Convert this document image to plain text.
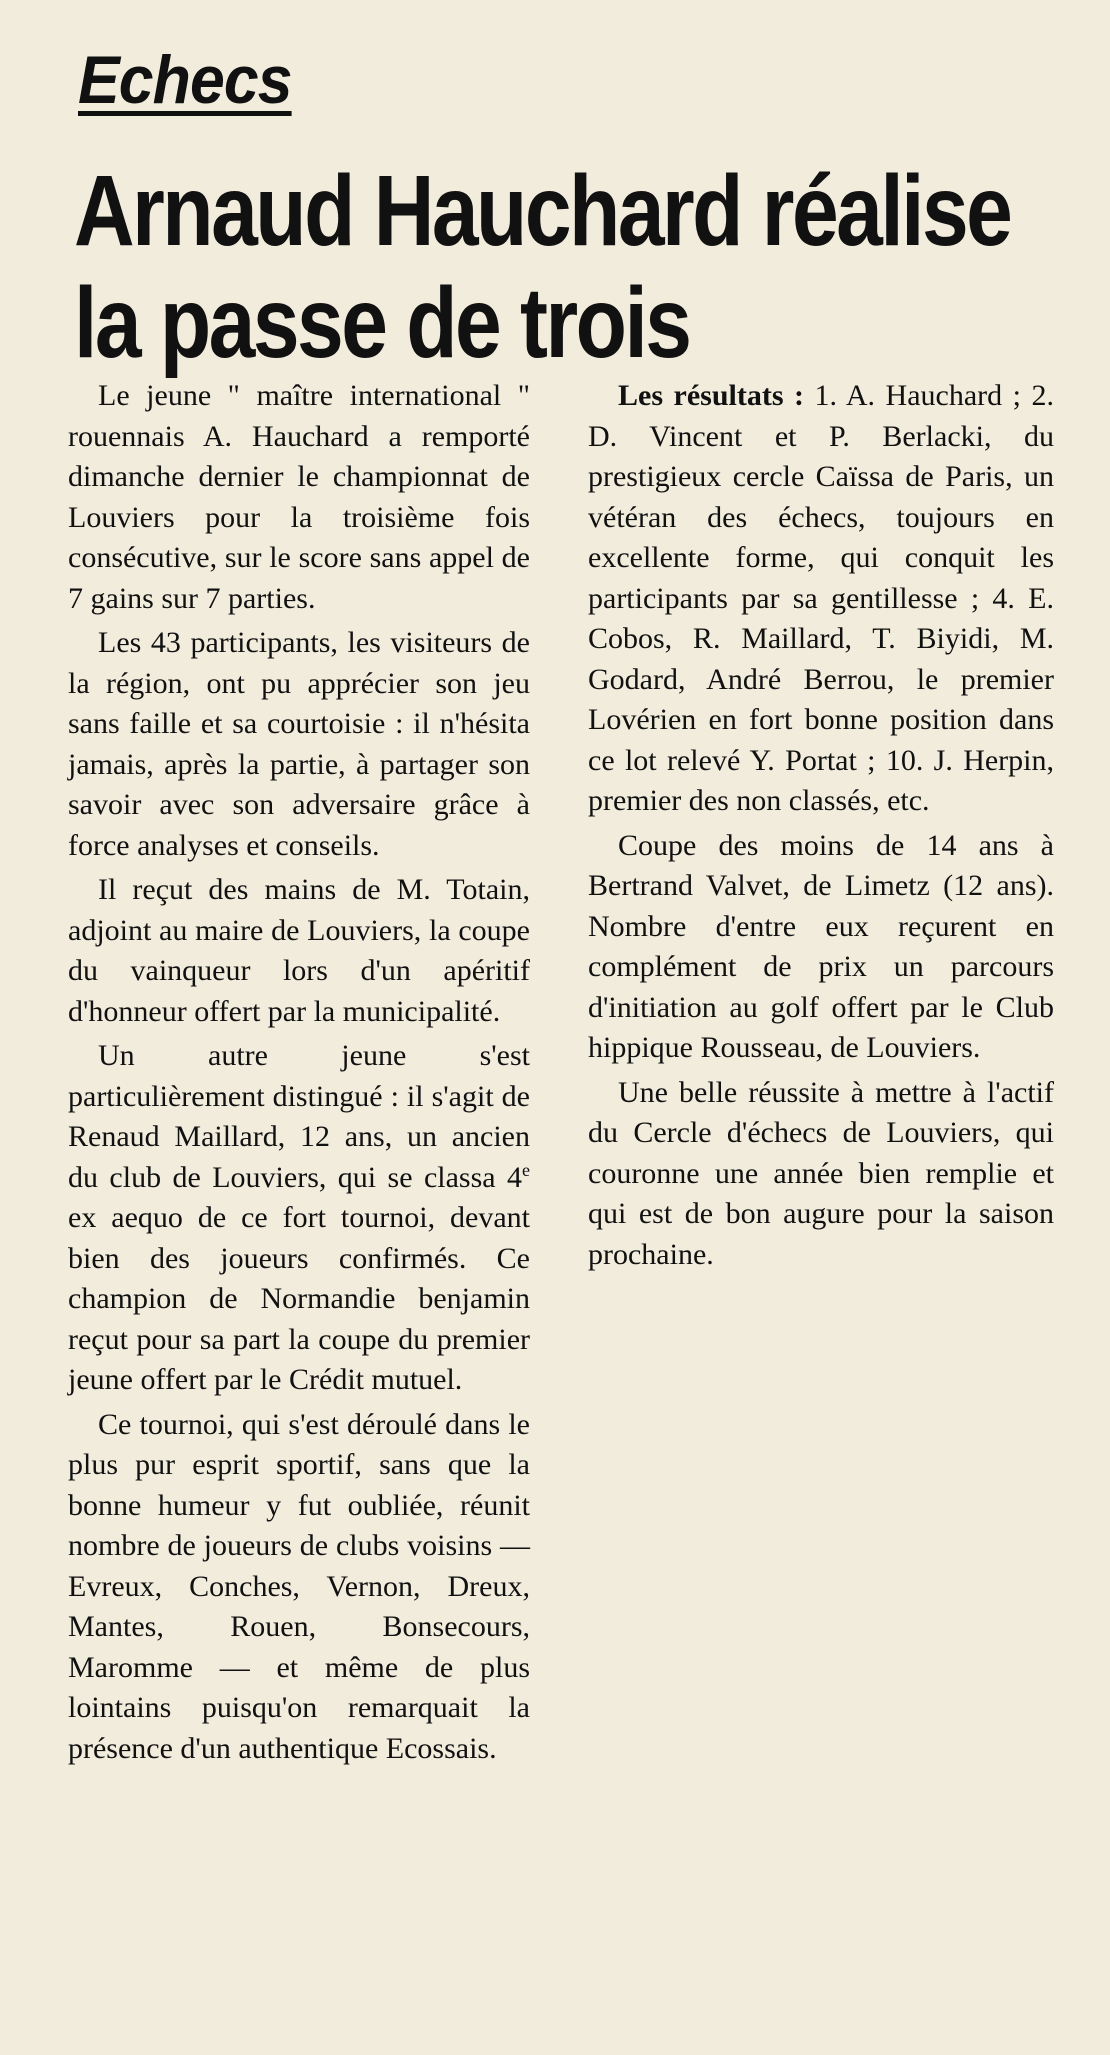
Echecs
Arnaud Hauchard réalise
la passe de trois

Le jeune " maître international " rouennais A. Hauchard a remporté dimanche dernier le championnat de Louviers pour la troisième fois consécutive, sur le score sans appel de 7 gains sur 7 parties.

Les 43 participants, les visiteurs de la région, ont pu apprécier son jeu sans faille et sa courtoisie : il n'hésita jamais, après la partie, à partager son savoir avec son adversaire grâce à force analyses et conseils.

Il reçut des mains de M. Totain, adjoint au maire de Louviers, la coupe du vainqueur lors d'un apéritif d'honneur offert par la municipalité.

Un autre jeune s'est particulièrement distingué : il s'agit de Renaud Maillard, 12 ans, un ancien du club de Louviers, qui se classa 4e ex aequo de ce fort tournoi, devant bien des joueurs confirmés. Ce champion de Normandie benjamin reçut pour sa part la coupe du premier jeune offert par le Crédit mutuel.

Ce tournoi, qui s'est déroulé dans le plus pur esprit sportif, sans que la bonne humeur y fut oubliée, réunit nombre de joueurs de clubs voisins — Evreux, Conches, Vernon, Dreux, Mantes, Rouen, Bonsecours, Maromme — et même de plus lointains puisqu'on remarquait la présence d'un authentique Ecossais.

Les résultats : 1. A. Hauchard ; 2. D. Vincent et P. Berlacki, du prestigieux cercle Caïssa de Paris, un vétéran des échecs, toujours en excellente forme, qui conquit les participants par sa gentillesse ; 4. E. Cobos, R. Maillard, T. Biyidi, M. Godard, André Berrou, le premier Lovérien en fort bonne position dans ce lot relevé Y. Portat ; 10. J. Herpin, premier des non classés, etc.

Coupe des moins de 14 ans à Bertrand Valvet, de Limetz (12 ans). Nombre d'entre eux reçurent en complément de prix un parcours d'initiation au golf offert par le Club hippique Rousseau, de Louviers.

Une belle réussite à mettre à l'actif du Cercle d'échecs de Louviers, qui couronne une année bien remplie et qui est de bon augure pour la saison prochaine.
